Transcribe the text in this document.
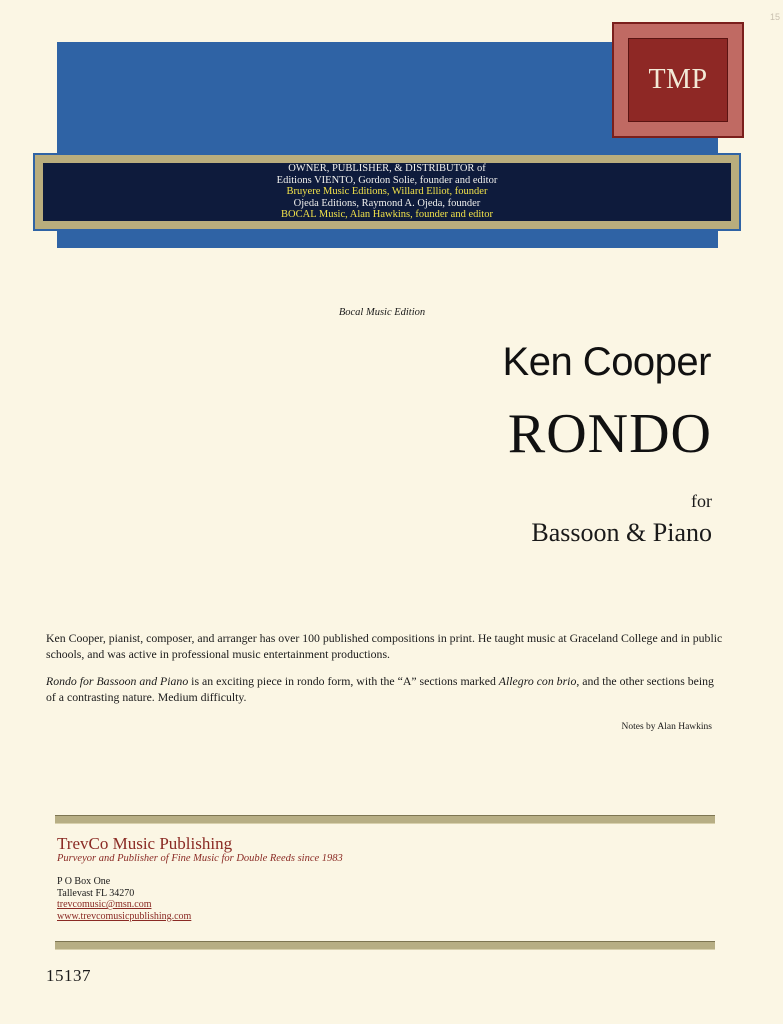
15
TMP
OWNER, PUBLISHER, & DISTRIBUTOR of
Editions VIENTO, Gordon Solie, founder and editor
Bruyere Music Editions, Willard Elliot, founder
Ojeda Editions, Raymond A. Ojeda, founder
BOCAL Music, Alan Hawkins, founder and editor
Bocal Music Edition
Ken Cooper
RONDO
for
Bassoon & Piano

Ken Cooper, pianist, composer, and arranger has over 100 published compositions in print. He taught music at Graceland College and in public schools, and was active in professional music entertainment productions.

Rondo for Bassoon and Piano is an exciting piece in rondo form, with the “A” sections marked Allegro con brio, and the other sections being of a contrasting nature. Medium difficulty.

Notes by Alan Hawkins
TrevCo Music Publishing
Purveyor and Publisher of Fine Music for Double Reeds since 1983
P O Box One
Tallevast FL 34270
trevcomusic@msn.com
www.trevcomusicpublishing.com
15137
